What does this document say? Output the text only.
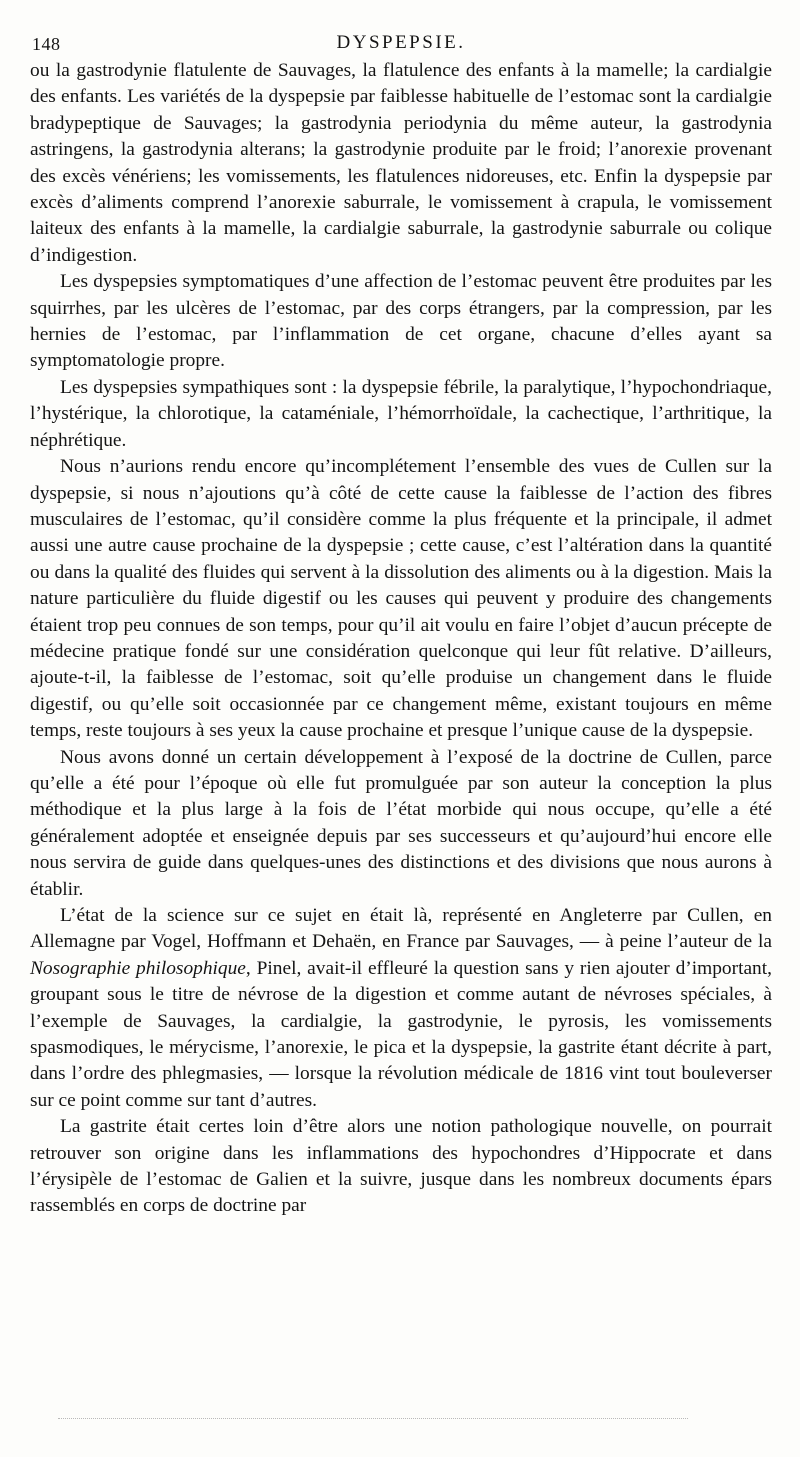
148	DYSPEPSIE.

ou la gastrodynie flatulente de Sauvages, la flatulence des enfants à la mamelle; la cardialgie des enfants. Les variétés de la dyspepsie par faiblesse habituelle de l’estomac sont la cardialgie bradypeptique de Sauvages; la gastrodynia periodynia du même auteur, la gastrodynia astringens, la gastrodynia alterans; la gastrodynie produite par le froid; l’anorexie provenant des excès vénériens; les vomissements, les flatulences nidoreuses, etc. Enfin la dyspepsie par excès d’aliments comprend l’anorexie saburrale, le vomissement à crapula, le vomissement laiteux des enfants à la mamelle, la cardialgie saburrale, la gastrodynie saburrale ou colique d’indigestion.

Les dyspepsies symptomatiques d’une affection de l’estomac peuvent être produites par les squirrhes, par les ulcères de l’estomac, par des corps étrangers, par la compression, par les hernies de l’estomac, par l’inflammation de cet organe, chacune d’elles ayant sa symptomatologie propre.

Les dyspepsies sympathiques sont : la dyspepsie fébrile, la paralytique, l’hypochondriaque, l’hystérique, la chlorotique, la cataméniale, l’hémorrhoïdale, la cachectique, l’arthritique, la néphrétique.

Nous n’aurions rendu encore qu’incomplétement l’ensemble des vues de Cullen sur la dyspepsie, si nous n’ajoutions qu’à côté de cette cause la faiblesse de l’action des fibres musculaires de l’estomac, qu’il considère comme la plus fréquente et la principale, il admet aussi une autre cause prochaine de la dyspepsie ; cette cause, c’est l’altération dans la quantité ou dans la qualité des fluides qui servent à la dissolution des aliments ou à la digestion. Mais la nature particulière du fluide digestif ou les causes qui peuvent y produire des changements étaient trop peu connues de son temps, pour qu’il ait voulu en faire l’objet d’aucun précepte de médecine pratique fondé sur une considération quelconque qui leur fût relative. D’ailleurs, ajoute-t-il, la faiblesse de l’estomac, soit qu’elle produise un changement dans le fluide digestif, ou qu’elle soit occasionnée par ce changement même, existant toujours en même temps, reste toujours à ses yeux la cause prochaine et presque l’unique cause de la dyspepsie.

Nous avons donné un certain développement à l’exposé de la doctrine de Cullen, parce qu’elle a été pour l’époque où elle fut promulguée par son auteur la conception la plus méthodique et la plus large à la fois de l’état morbide qui nous occupe, qu’elle a été généralement adoptée et enseignée depuis par ses successeurs et qu’aujourd’hui encore elle nous servira de guide dans quelques-unes des distinctions et des divisions que nous aurons à établir.

L’état de la science sur ce sujet en était là, représenté en Angleterre par Cullen, en Allemagne par Vogel, Hoffmann et Dehaën, en France par Sauvages, — à peine l’auteur de la Nosographie philosophique, Pinel, avait-il effleuré la question sans y rien ajouter d’important, groupant sous le titre de névrose de la digestion et comme autant de névroses spéciales, à l’exemple de Sauvages, la cardialgie, la gastrodynie, le pyrosis, les vomissements spasmodiques, le mérycisme, l’anorexie, le pica et la dyspepsie, la gastrite étant décrite à part, dans l’ordre des phlegmasies, — lorsque la révolution médicale de 1816 vint tout bouleverser sur ce point comme sur tant d’autres.

La gastrite était certes loin d’être alors une notion pathologique nouvelle, on pourrait retrouver son origine dans les inflammations des hypochondres d’Hippocrate et dans l’érysipèle de l’estomac de Galien et la suivre, jusque dans les nombreux documents épars rassemblés en corps de doctrine par
